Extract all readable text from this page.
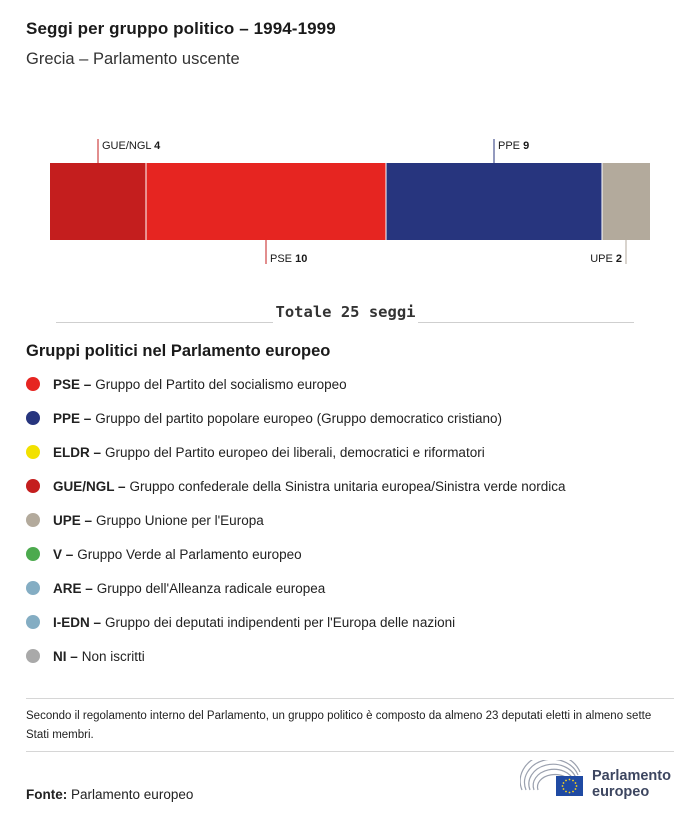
Seggi per gruppo politico – 1994-1999
Grecia – Parlamento uscente
GUE/NGL 4
PSE 10
PPE 9
UPE 2
Totale 25 seggi
Gruppi politici nel Parlamento europeo
PSE – Gruppo del Partito del socialismo europeo
PPE – Gruppo del partito popolare europeo (Gruppo democratico cristiano)
ELDR – Gruppo del Partito europeo dei liberali, democratici e riformatori
GUE/NGL – Gruppo confederale della Sinistra unitaria europea/Sinistra verde nordica
UPE – Gruppo Unione per l'Europa
V – Gruppo Verde al Parlamento europeo
ARE – Gruppo dell'Alleanza radicale europea
I-EDN – Gruppo dei deputati indipendenti per l'Europa delle nazioni
NI – Non iscritti
Secondo il regolamento interno del Parlamento, un gruppo politico è composto da almeno 23 deputati eletti in almeno sette Stati membri.
Fonte: Parlamento europeo
Parlamento
europeo
